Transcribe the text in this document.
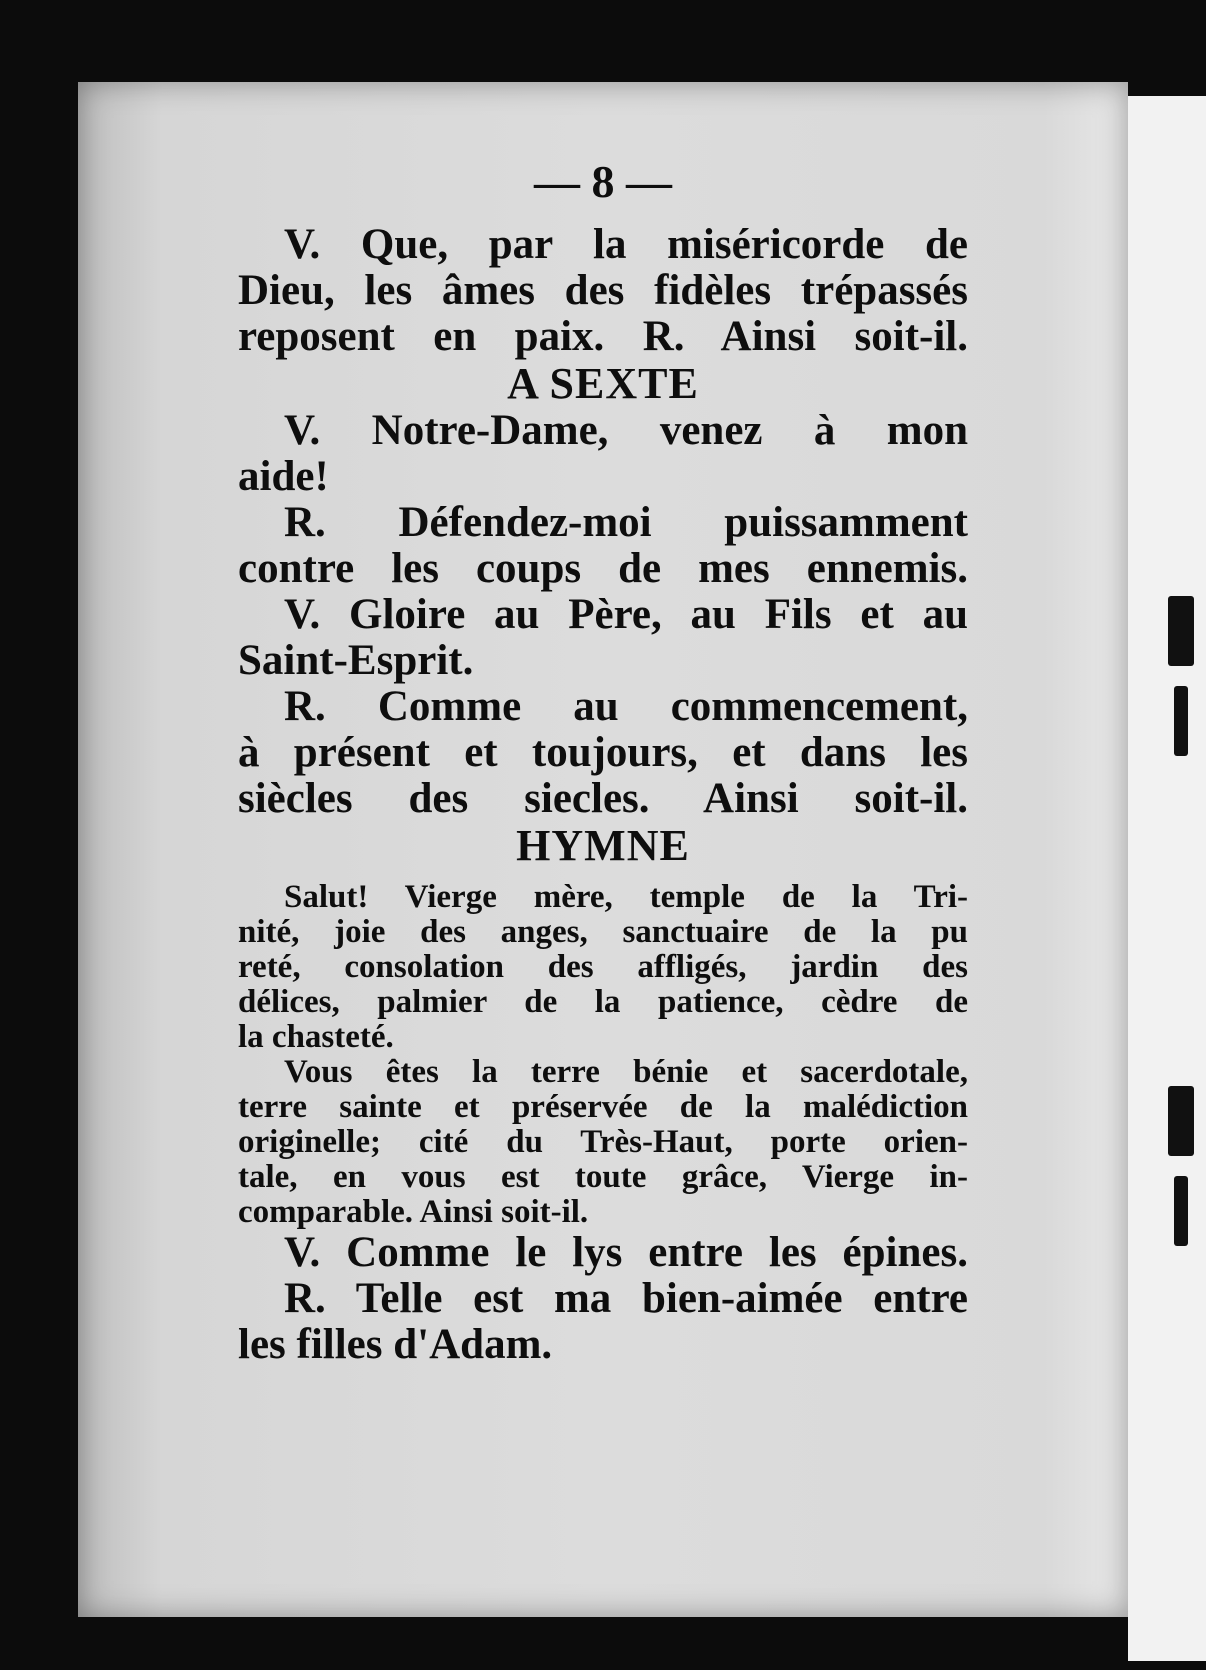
— 8 —
V. Que, par la miséricorde de
Dieu, les âmes des fidèles trépassés
reposent en paix. R. Ainsi soit-il.
A SEXTE
V. Notre-Dame, venez à mon
aide!
R. Défendez-moi puissamment
contre les coups de mes ennemis.
V. Gloire au Père, au Fils et au
Saint-Esprit.
R. Comme au commencement,
à présent et toujours, et dans les
siècles des siecles. Ainsi soit-il.
HYMNE
Salut! Vierge mère, temple de la Tri-
nité, joie des anges, sanctuaire de la pu
reté, consolation des affligés, jardin des
délices, palmier de la patience, cèdre de
la chasteté.
Vous êtes la terre bénie et sacerdotale,
terre sainte et préservée de la malédiction
originelle; cité du Très-Haut, porte orien-
tale, en vous est toute grâce, Vierge in-
comparable. Ainsi soit-il.
V. Comme le lys entre les épines.
R. Telle est ma bien-aimée entre
les filles d'Adam.
